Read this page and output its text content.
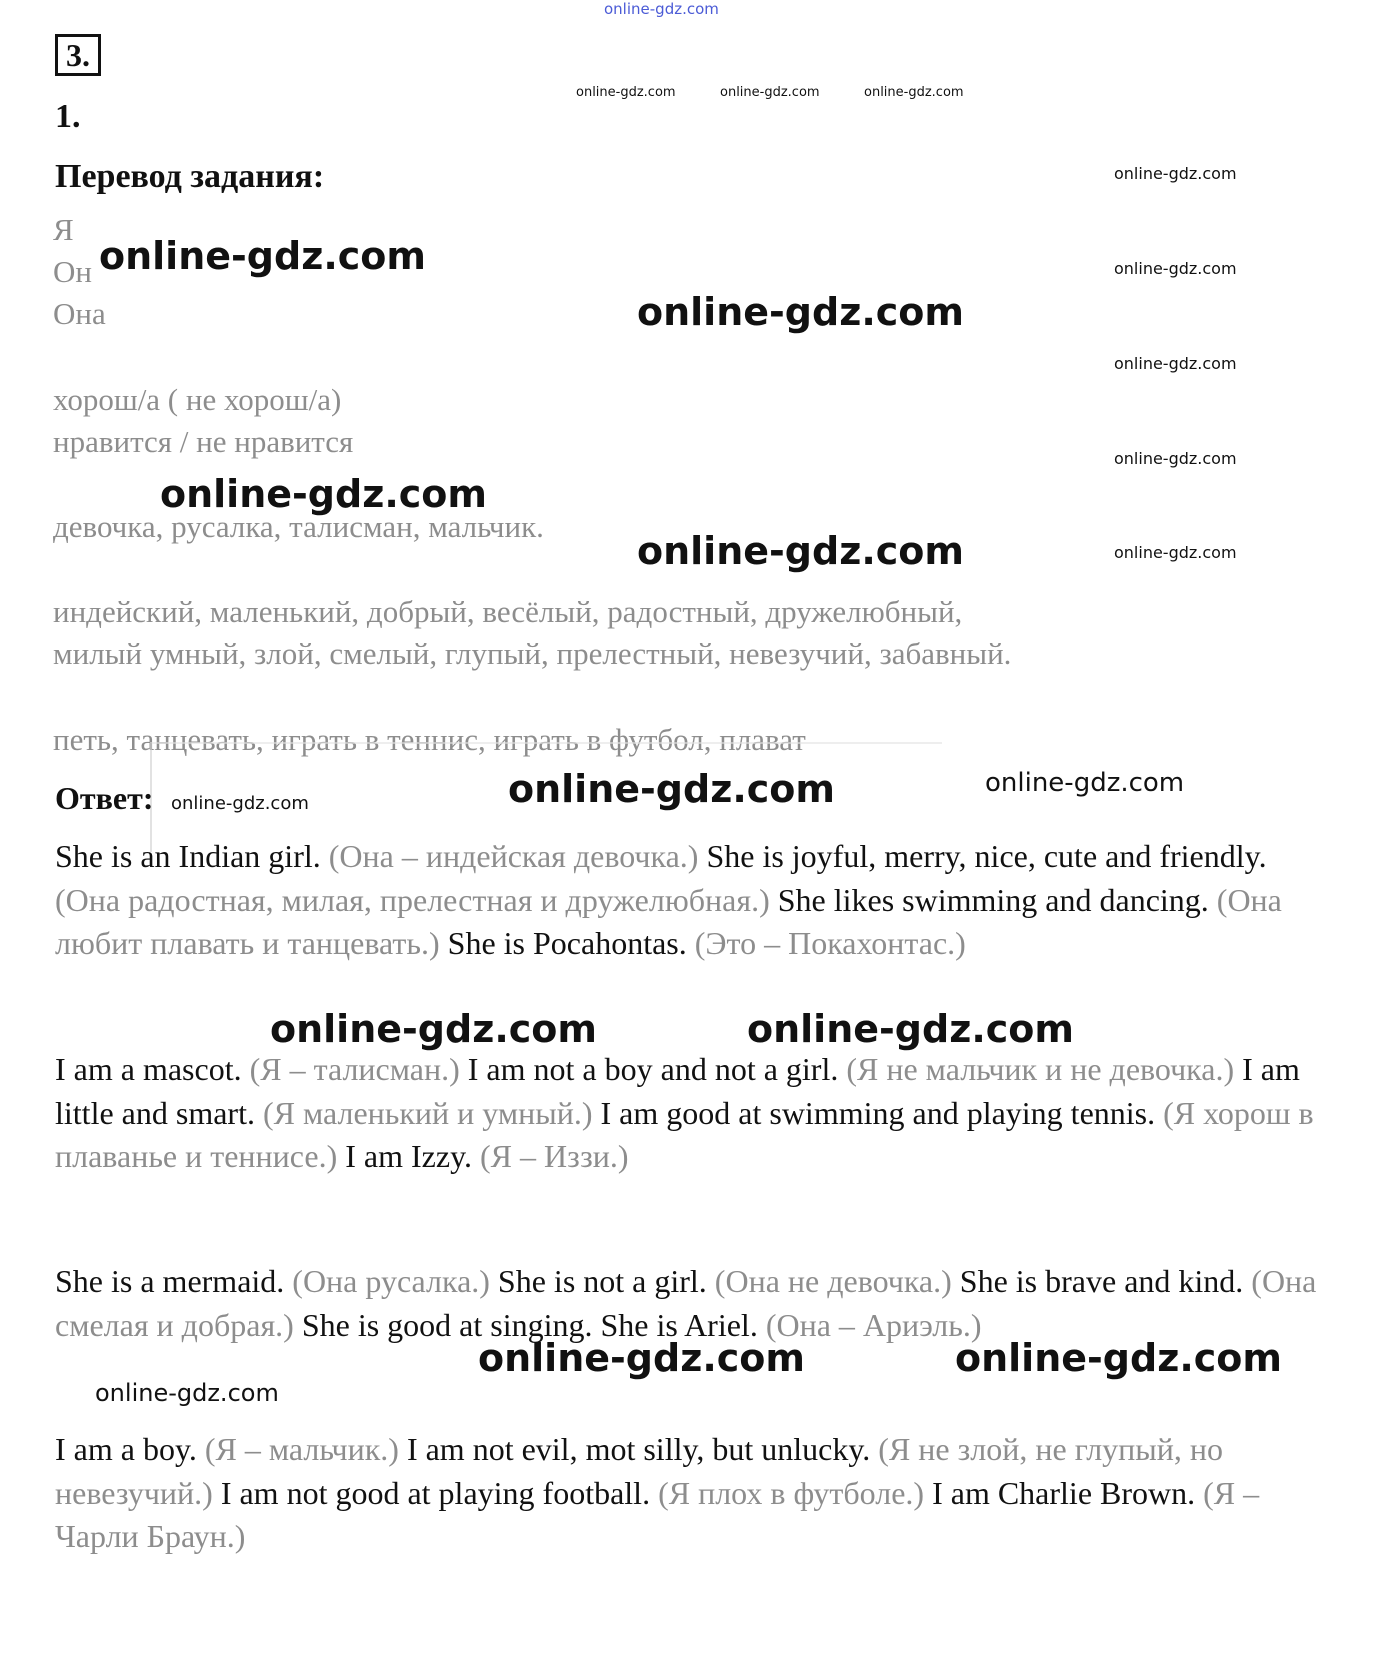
online-gdz.com
3.
1.
Перевод задания:
Я
Он
Она
хорош/а ( не хорош/а)
нравится / не нравится
девочка, русалка, талисман, мальчик.
индейский, маленький, добрый, весёлый, радостный, дружелюбный,
милый умный, злой, смелый, глупый, прелестный, невезучий, забавный.
петь, танцевать, играть в теннис, играть в футбол, плават
Ответ:
She is an Indian girl. (Она – индейская девочка.) She is joyful, merry, nice, cute and friendly. (Она радостная, милая, прелестная и дружелюбная.) She likes swimming and dancing. (Она любит плавать и танцевать.) She is Pocahontas. (Это – Покахонтас.)
I am a mascot. (Я – талисман.) I am not a boy and not a girl. (Я не мальчик и не девочка.) I am little and smart. (Я маленький и умный.) I am good at swimming and playing tennis. (Я хорош в плаванье и теннисе.) I am Izzy. (Я – Иззи.)
She is a mermaid. (Она русалка.) She is not a girl. (Она не девочка.) She is brave and kind. (Она смелая и добрая.) She is good at singing. She is Ariel. (Она – Ариэль.)
I am a boy. (Я – мальчик.) I am not evil, mot silly, but unlucky. (Я не злой, не глупый, но невезучий.) I am not good at playing football. (Я плох в футболе.) I am Charlie Brown. (Я – Чарли Браун.)
online-gdz.com	online-gdz.com	online-gdz.com
online-gdz.com
online-gdz.com
online-gdz.com
online-gdz.com
online-gdz.com
online-gdz.com
online-gdz.com
online-gdz.com
online-gdz.com
online-gdz.com
online-gdz.com
online-gdz.com
online-gdz.com
online-gdz.com	online-gdz.com
online-gdz.com	online-gdz.com
